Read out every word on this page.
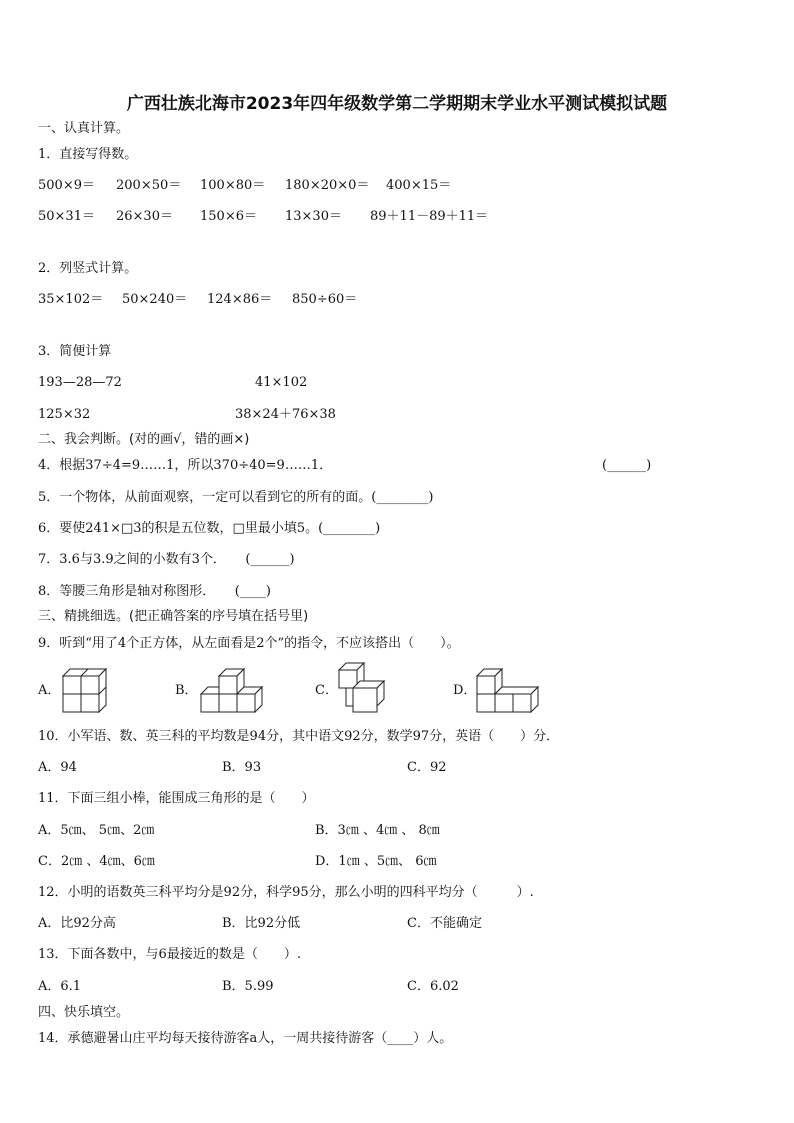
广西壮族北海市2023年四年级数学第二学期期末学业水平测试模拟试题
一、认真计算。
1．直接写得数。
500×9＝ 200×50＝ 100×80＝ 180×20×0＝ 400×15＝
50×31＝ 26×30＝ 150×6＝ 13×30＝ 89＋11－89＋11＝
2．列竖式计算。
35×102＝ 50×240＝ 124×86＝ 850÷60＝
3．简便计算
193—28—72	41×102
125×32	38×24＋76×38
二、我会判断。(对的画√，错的画×)
4．根据37÷4=9……1，所以370÷40=9……1．	(______)
5．一个物体，从前面观察，一定可以看到它的所有的面。(________)
6．要使241×□3的积是五位数，□里最小填5。(________)
7．3.6与3.9之间的小数有3个．　　(______)
8．等腰三角形是轴对称图形．　　(____)
三、精挑细选。(把正确答案的序号填在括号里)
9．听到“用了4个正方体，从左面看是2个”的指令，不应该搭出（　　）。
A．	B．	C．	D．
10．小军语、数、英三科的平均数是94分，其中语文92分，数学97分，英语（　　）分．
A．94	B．93	C．92
11．下面三组小棒，能围成三角形的是（　　）
A．5㎝、 5㎝、2㎝	B．3㎝ 、4㎝ 、 8㎝
C．2㎝ 、4㎝、6㎝	D．1㎝ 、5㎝、 6㎝
12．小明的语数英三科平均分是92分，科学95分，那么小明的四科平均分（　　　）.
A．比92分高	B．比92分低	C．不能确定
13．下面各数中，与6最接近的数是（　　）.
A．6.1	B．5.99	C．6.02
四、快乐填空。
14．承德避暑山庄平均每天接待游客a人，一周共接待游客（____）人。
